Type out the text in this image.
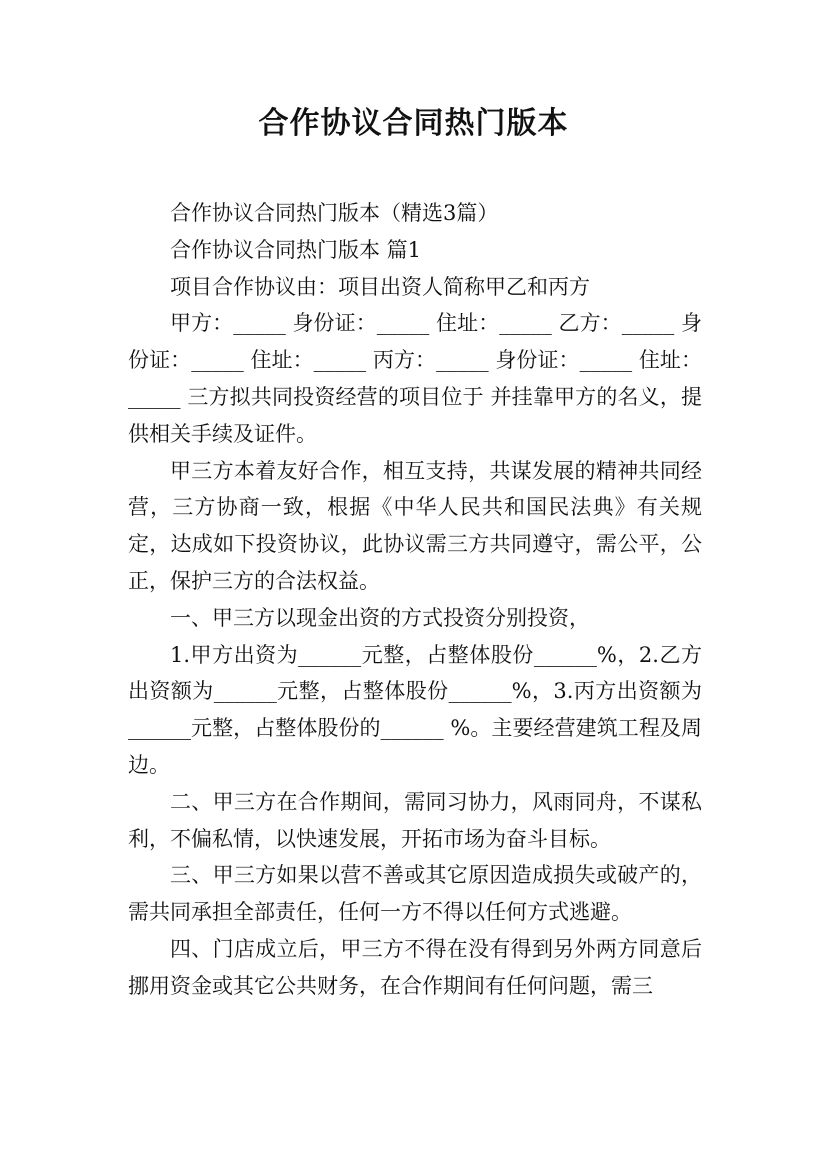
合作协议合同热门版本

合作协议合同热门版本（精选3篇）

合作协议合同热门版本 篇1

项目合作协议由：项目出资人简称甲乙和丙方

甲方：_____ 身份证：_____ 住址：_____ 乙方：_____ 身份证：_____ 住址：_____ 丙方：_____ 身份证：_____ 住址：_____ 三方拟共同投资经营的项目位于 并挂靠甲方的名义，提供相关手续及证件。

甲三方本着友好合作，相互支持，共谋发展的精神共同经营，三方协商一致，根据《中华人民共和国民法典》有关规定，达成如下投资协议，此协议需三方共同遵守，需公平，公正，保护三方的合法权益。

一、甲三方以现金出资的方式投资分别投资，

1.甲方出资为______元整，占整体股份______%，2.乙方出资额为______元整，占整体股份______%，3.丙方出资额为______元整，占整体股份的______ %。主要经营建筑工程及周边。

二、甲三方在合作期间，需同习协力，风雨同舟，不谋私利，不偏私情，以快速发展，开拓市场为奋斗目标。

三、甲三方如果以营不善或其它原因造成损失或破产的，需共同承担全部责任，任何一方不得以任何方式逃避。

四、门店成立后，甲三方不得在没有得到另外两方同意后挪用资金或其它公共财务，在合作期间有任何问题，需三
